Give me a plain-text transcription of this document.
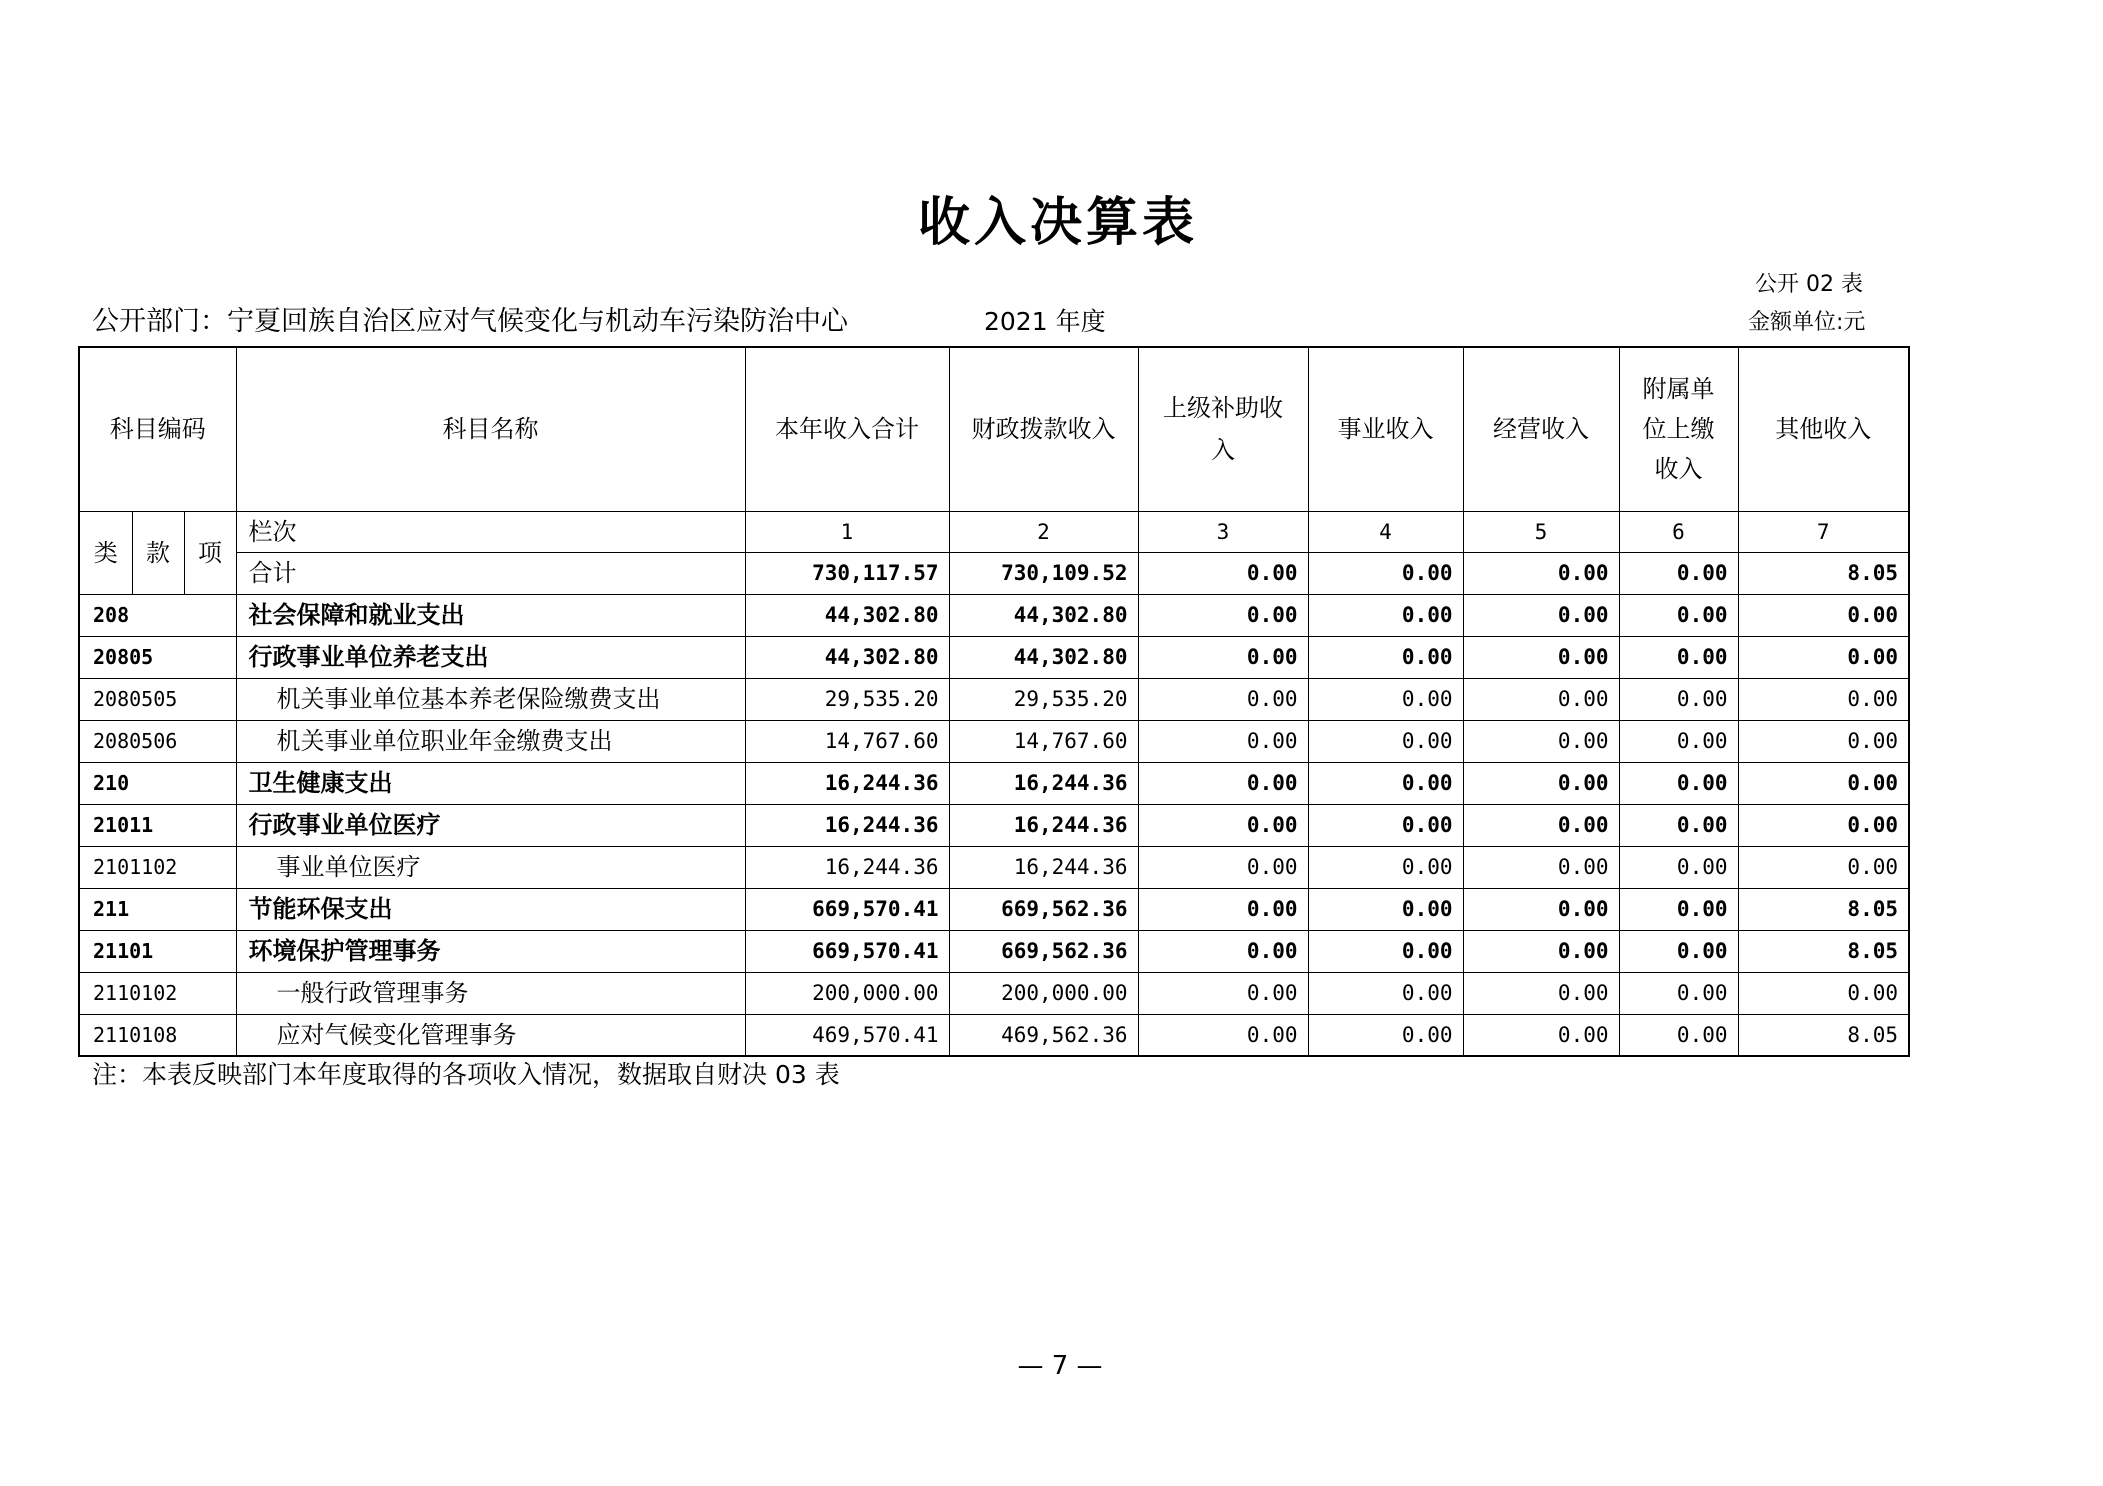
收入决算表
公开 02 表
公开部门：宁夏回族自治区应对气候变化与机动车污染防治中心	2021 年度	金额单位:元
科目编码			科目名称	本年收入合计	财政拨款收入	上级补助收入	事业收入	经营收入	附属单位上缴收入	其他收入
类	款	项	栏次	1	2	3	4	5	6	7
			合计	730,117.57	730,109.52	0.00	0.00	0.00	0.00	8.05
208			社会保障和就业支出	44,302.80	44,302.80	0.00	0.00	0.00	0.00	0.00
20805			行政事业单位养老支出	44,302.80	44,302.80	0.00	0.00	0.00	0.00	0.00
2080505			机关事业单位基本养老保险缴费支出	29,535.20	29,535.20	0.00	0.00	0.00	0.00	0.00
2080506			机关事业单位职业年金缴费支出	14,767.60	14,767.60	0.00	0.00	0.00	0.00	0.00
210			卫生健康支出	16,244.36	16,244.36	0.00	0.00	0.00	0.00	0.00
21011			行政事业单位医疗	16,244.36	16,244.36	0.00	0.00	0.00	0.00	0.00
2101102			事业单位医疗	16,244.36	16,244.36	0.00	0.00	0.00	0.00	0.00
211			节能环保支出	669,570.41	669,562.36	0.00	0.00	0.00	0.00	8.05
21101			环境保护管理事务	669,570.41	669,562.36	0.00	0.00	0.00	0.00	8.05
2110102			一般行政管理事务	200,000.00	200,000.00	0.00	0.00	0.00	0.00	0.00
2110108			应对气候变化管理事务	469,570.41	469,562.36	0.00	0.00	0.00	0.00	8.05
注：本表反映部门本年度取得的各项收入情况，数据取自财决 03 表
— 7 —
